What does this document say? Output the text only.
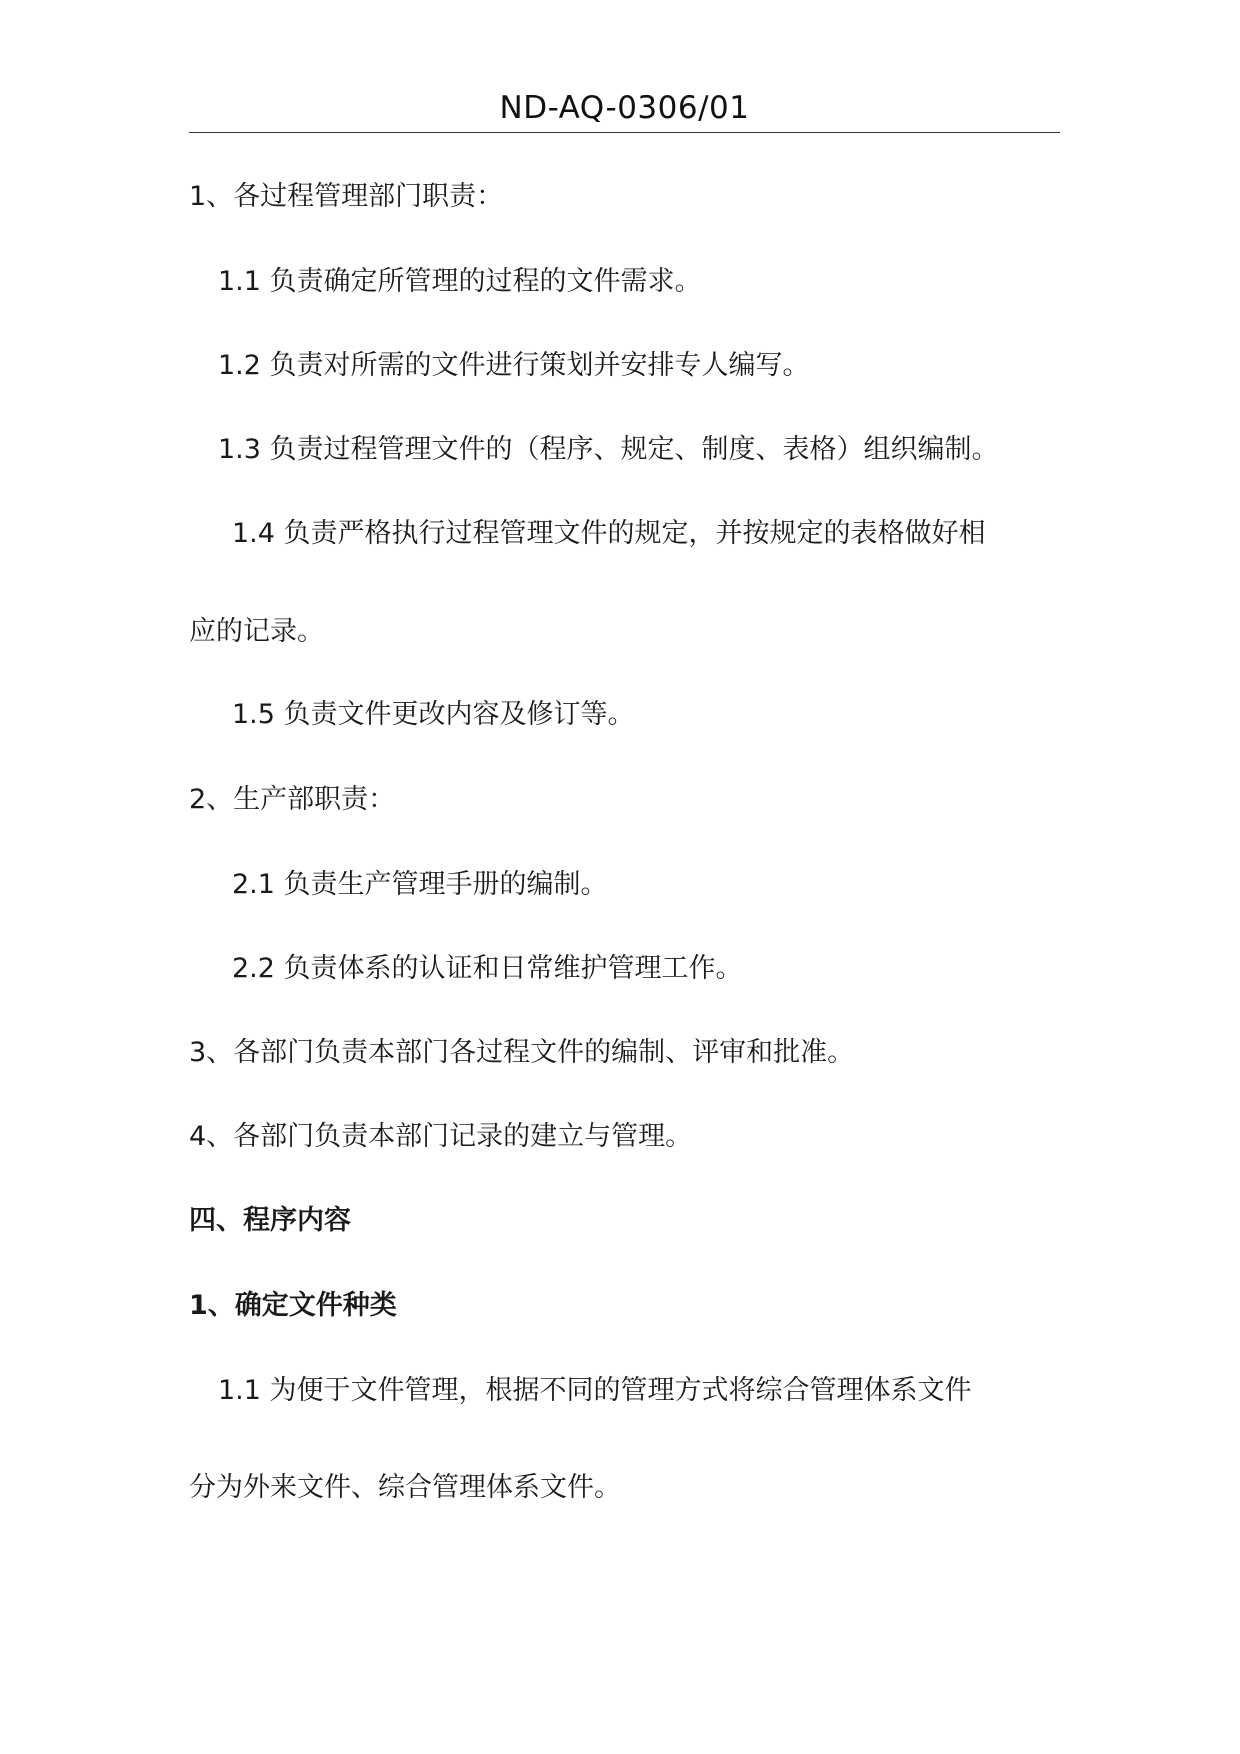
ND-AQ-0306/01
1、各过程管理部门职责：
1.1 负责确定所管理的过程的文件需求。
1.2 负责对所需的文件进行策划并安排专人编写。
1.3 负责过程管理文件的（程序、规定、制度、表格）组织编制。
1.4 负责严格执行过程管理文件的规定，并按规定的表格做好相
应的记录。
1.5 负责文件更改内容及修订等。
2、生产部职责：
2.1 负责生产管理手册的编制。
2.2 负责体系的认证和日常维护管理工作。
3、各部门负责本部门各过程文件的编制、评审和批准。
4、各部门负责本部门记录的建立与管理。
四、程序内容
1、确定文件种类
1.1 为便于文件管理，根据不同的管理方式将综合管理体系文件
分为外来文件、综合管理体系文件。
